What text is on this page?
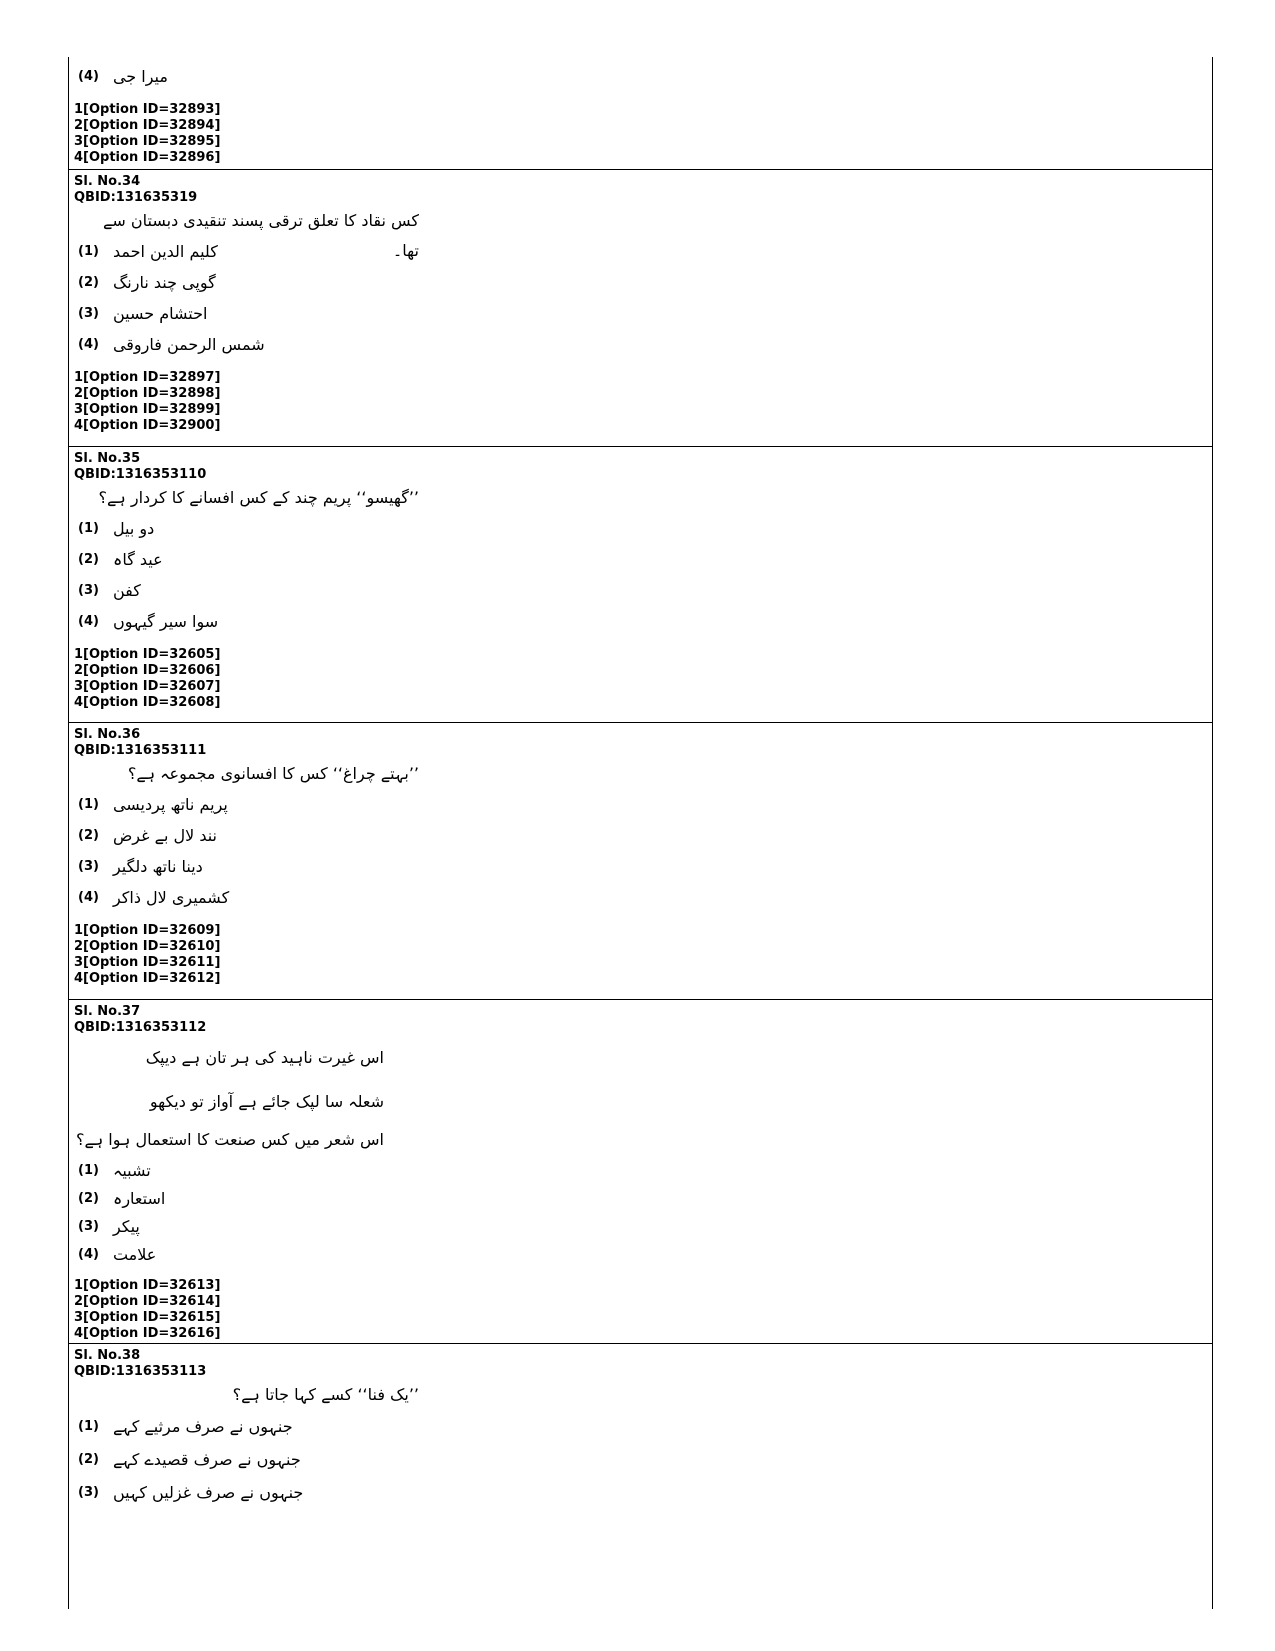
(4) میرا جی
1[Option ID=32893]
2[Option ID=32894]
3[Option ID=32895]
4[Option ID=32896]
Sl. No.34
QBID:131635319
کس نقاد کا تعلق ترقی پسند تنقیدی دبستان سے تھا۔
(1) کلیم الدین احمد
(2) گوپی چند نارنگ
(3) احتشام حسین
(4) شمس الرحمن فاروقی
1[Option ID=32897]
2[Option ID=32898]
3[Option ID=32899]
4[Option ID=32900]
Sl. No.35
QBID:1316353110
’’گھیسو‘‘ پریم چند کے کس افسانے کا کردار ہے؟
(1) دو بیل
(2) عید گاہ
(3) کفن
(4) سوا سیر گیہوں
1[Option ID=32605]
2[Option ID=32606]
3[Option ID=32607]
4[Option ID=32608]
Sl. No.36
QBID:1316353111
’’بہتے چراغ‘‘ کس کا افسانوی مجموعہ ہے؟
(1) پریم ناتھ پردیسی
(2) نند لال بے غرض
(3) دینا ناتھ دلگیر
(4) کشمیری لال ذاکر
1[Option ID=32609]
2[Option ID=32610]
3[Option ID=32611]
4[Option ID=32612]
Sl. No.37
QBID:1316353112
اس غیرت ناہید کی ہر تان ہے دیپک
شعلہ سا لپک جائے ہے آواز تو دیکھو
اس شعر میں کس صنعت کا استعمال ہوا ہے؟
(1) تشبیہ
(2) استعارہ
(3) پیکر
(4) علامت
1[Option ID=32613]
2[Option ID=32614]
3[Option ID=32615]
4[Option ID=32616]
Sl. No.38
QBID:1316353113
’’یک فنا‘‘ کسے کہا جاتا ہے؟
(1) جنہوں نے صرف مرثیے کہے
(2) جنہوں نے صرف قصیدے کہے
(3) جنہوں نے صرف غزلیں کہیں
